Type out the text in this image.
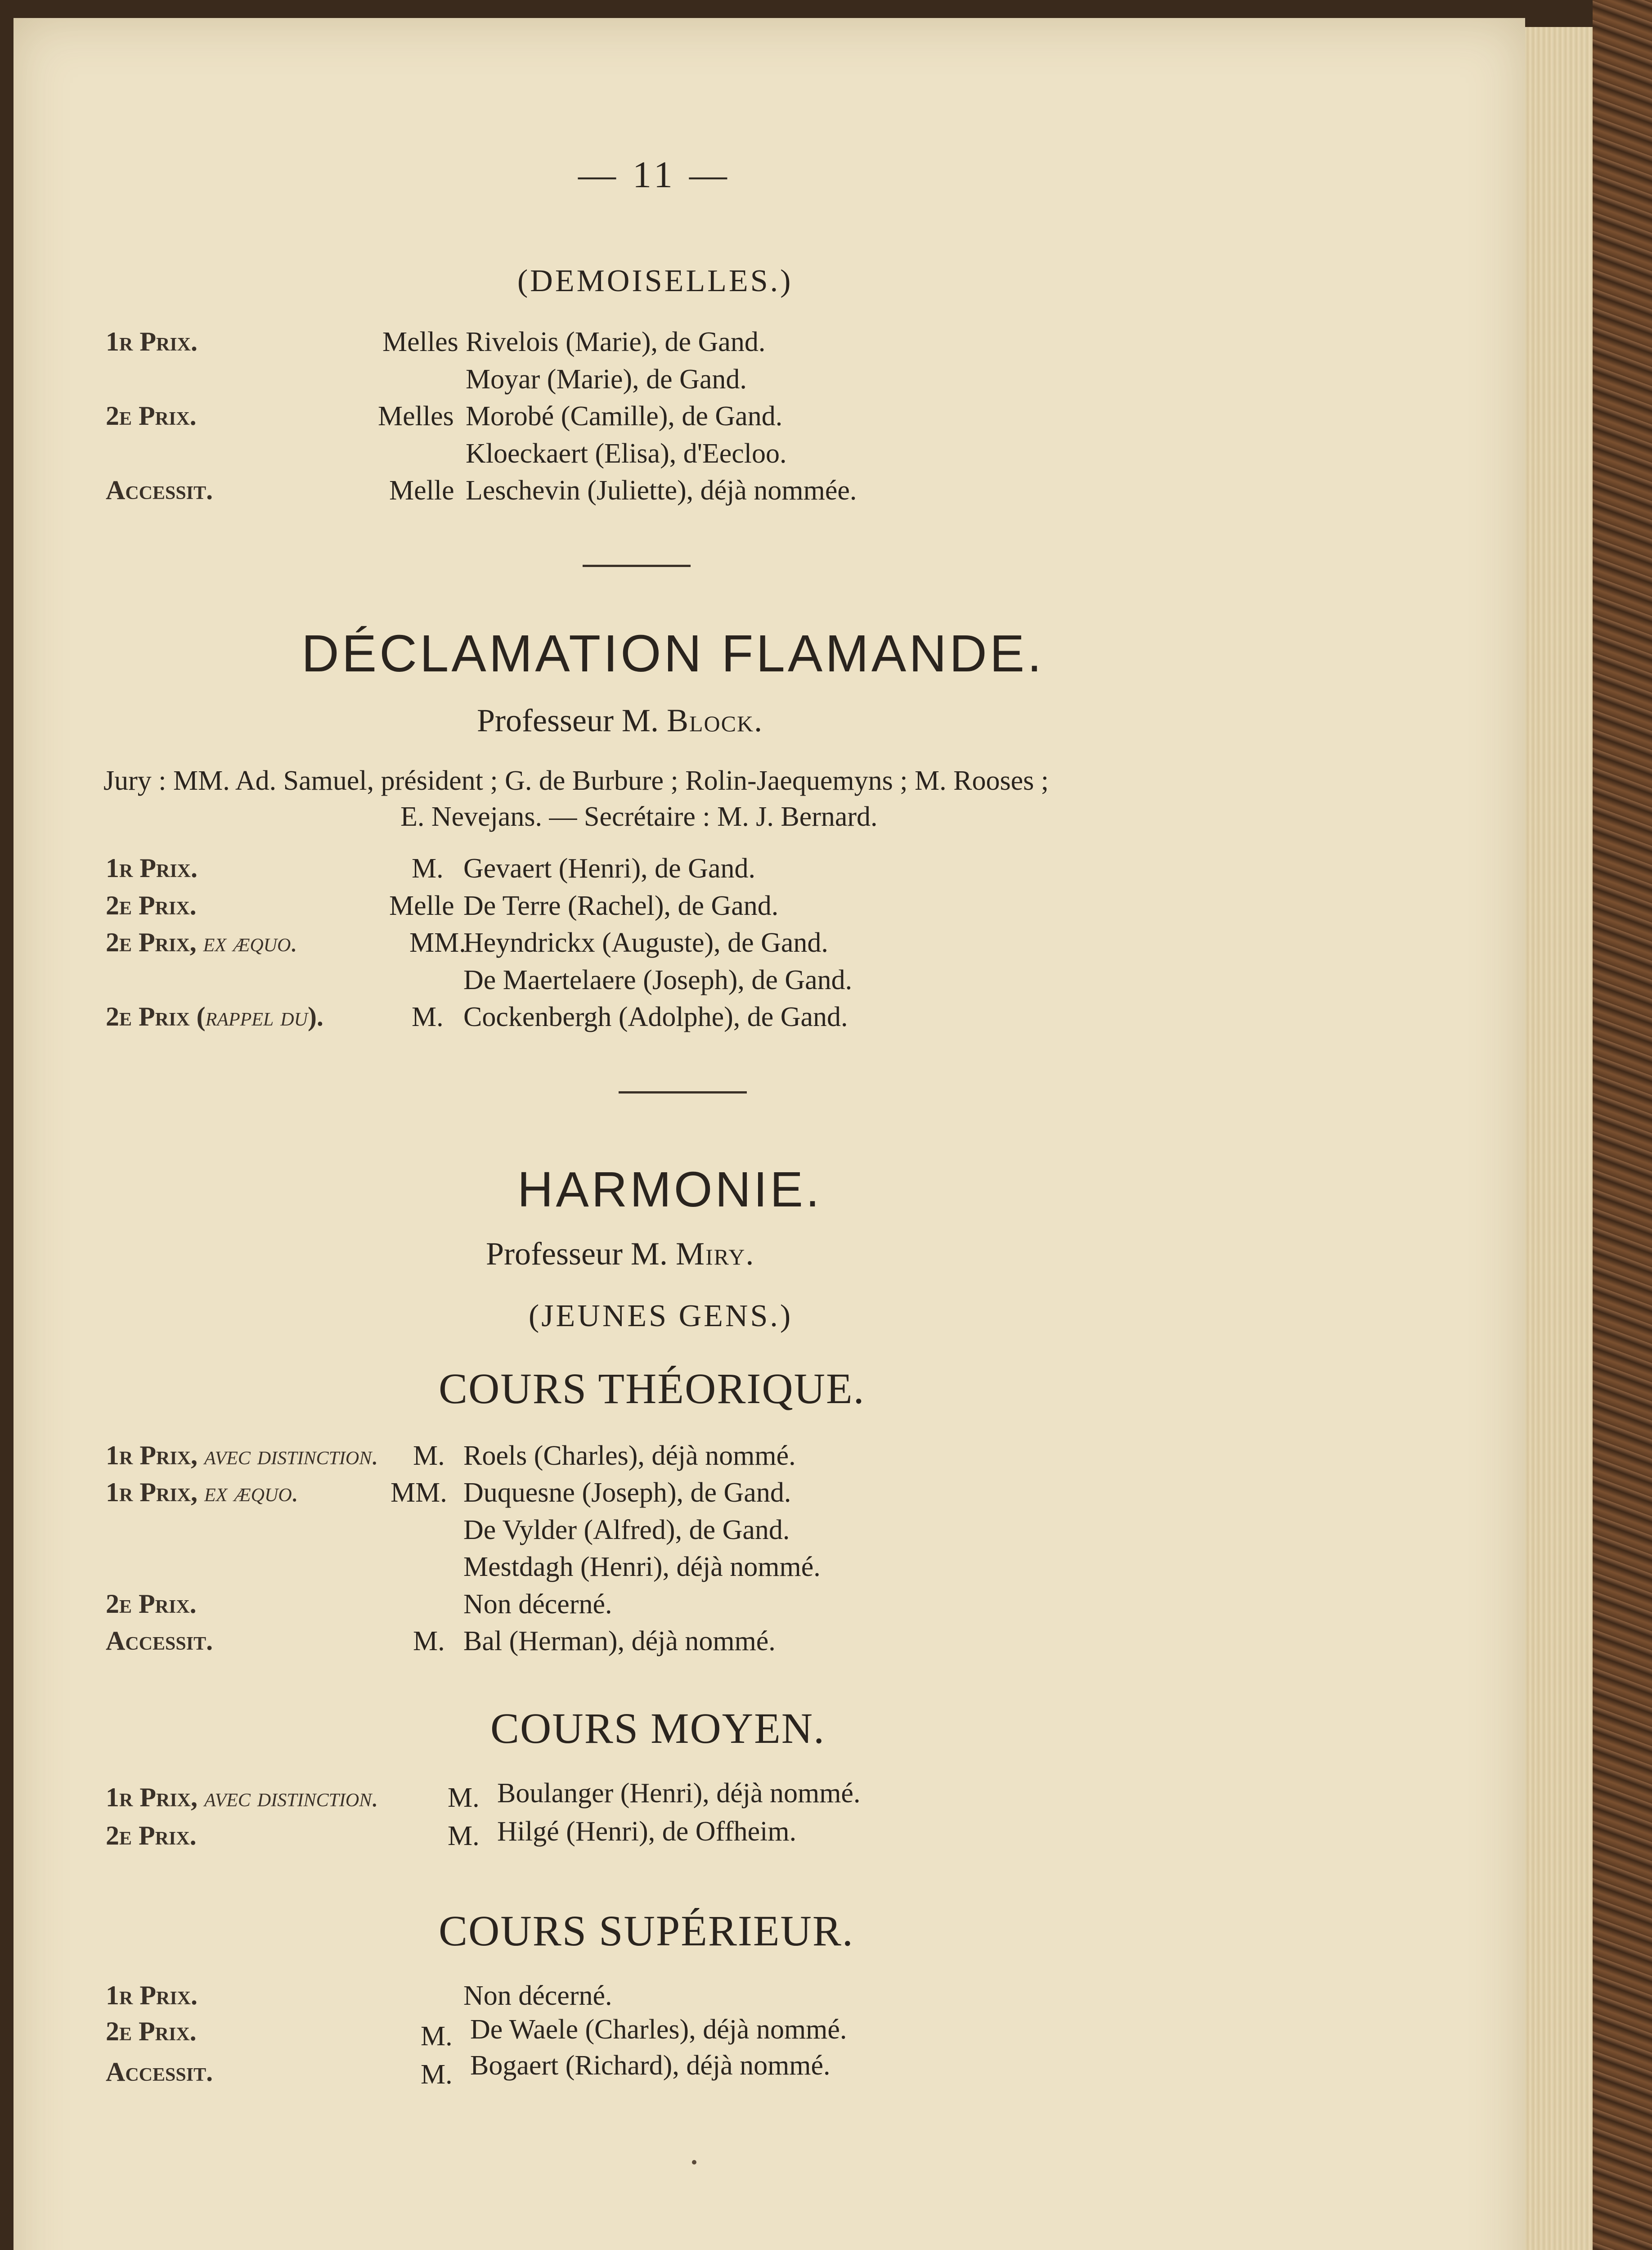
— 11 —
(DEMOISELLES.)
1r Prix.	Melles Rivelois (Marie), de Gand.
Moyar (Marie), de Gand.
2e Prix.	Melles Morobé (Camille), de Gand.
Kloeckaert (Elisa), d'Eecloo.
Accessit.	Melle Leschevin (Juliette), déjà nommée.
DÉCLAMATION FLAMANDE.
Professeur M. Block.
Jury : MM. Ad. Samuel, président ; G. de Burbure ; Rolin-Jaequemyns ; M. Rooses ;
E. Nevejans. — Secrétaire : M. J. Bernard.
1r Prix.	M. Gevaert (Henri), de Gand.
2e Prix.	Melle De Terre (Rachel), de Gand.
2e Prix, ex æquo.	MM.
Heyndrickx (Auguste), de Gand.
De Maertelaere (Joseph), de Gand.
2e Prix (rappel du).	M. Cockenbergh (Adolphe), de Gand.
HARMONIE.
Professeur M. Miry.
(JEUNES GENS.)
COURS THÉORIQUE.
1r Prix, avec distinction. M. Roels (Charles), déjà nommé.
1r Prix, ex æquo.	MM. Duquesne (Joseph), de Gand.
De Vylder (Alfred), de Gand.
Mestdagh (Henri), déjà nommé.
2e Prix.	Non décerné.
Accessit.	M. Bal (Herman), déjà nommé.
COURS MOYEN.
1r Prix, avec distinction. M. Boulanger (Henri), déjà nommé.
2e Prix.	M. Hilgé (Henri), de Offheim.
COURS SUPÉRIEUR.
1r Prix.	Non décerné.
2e Prix.	M. De Waele (Charles), déjà nommé.
Accessit.	M. Bogaert (Richard), déjà nommé.
